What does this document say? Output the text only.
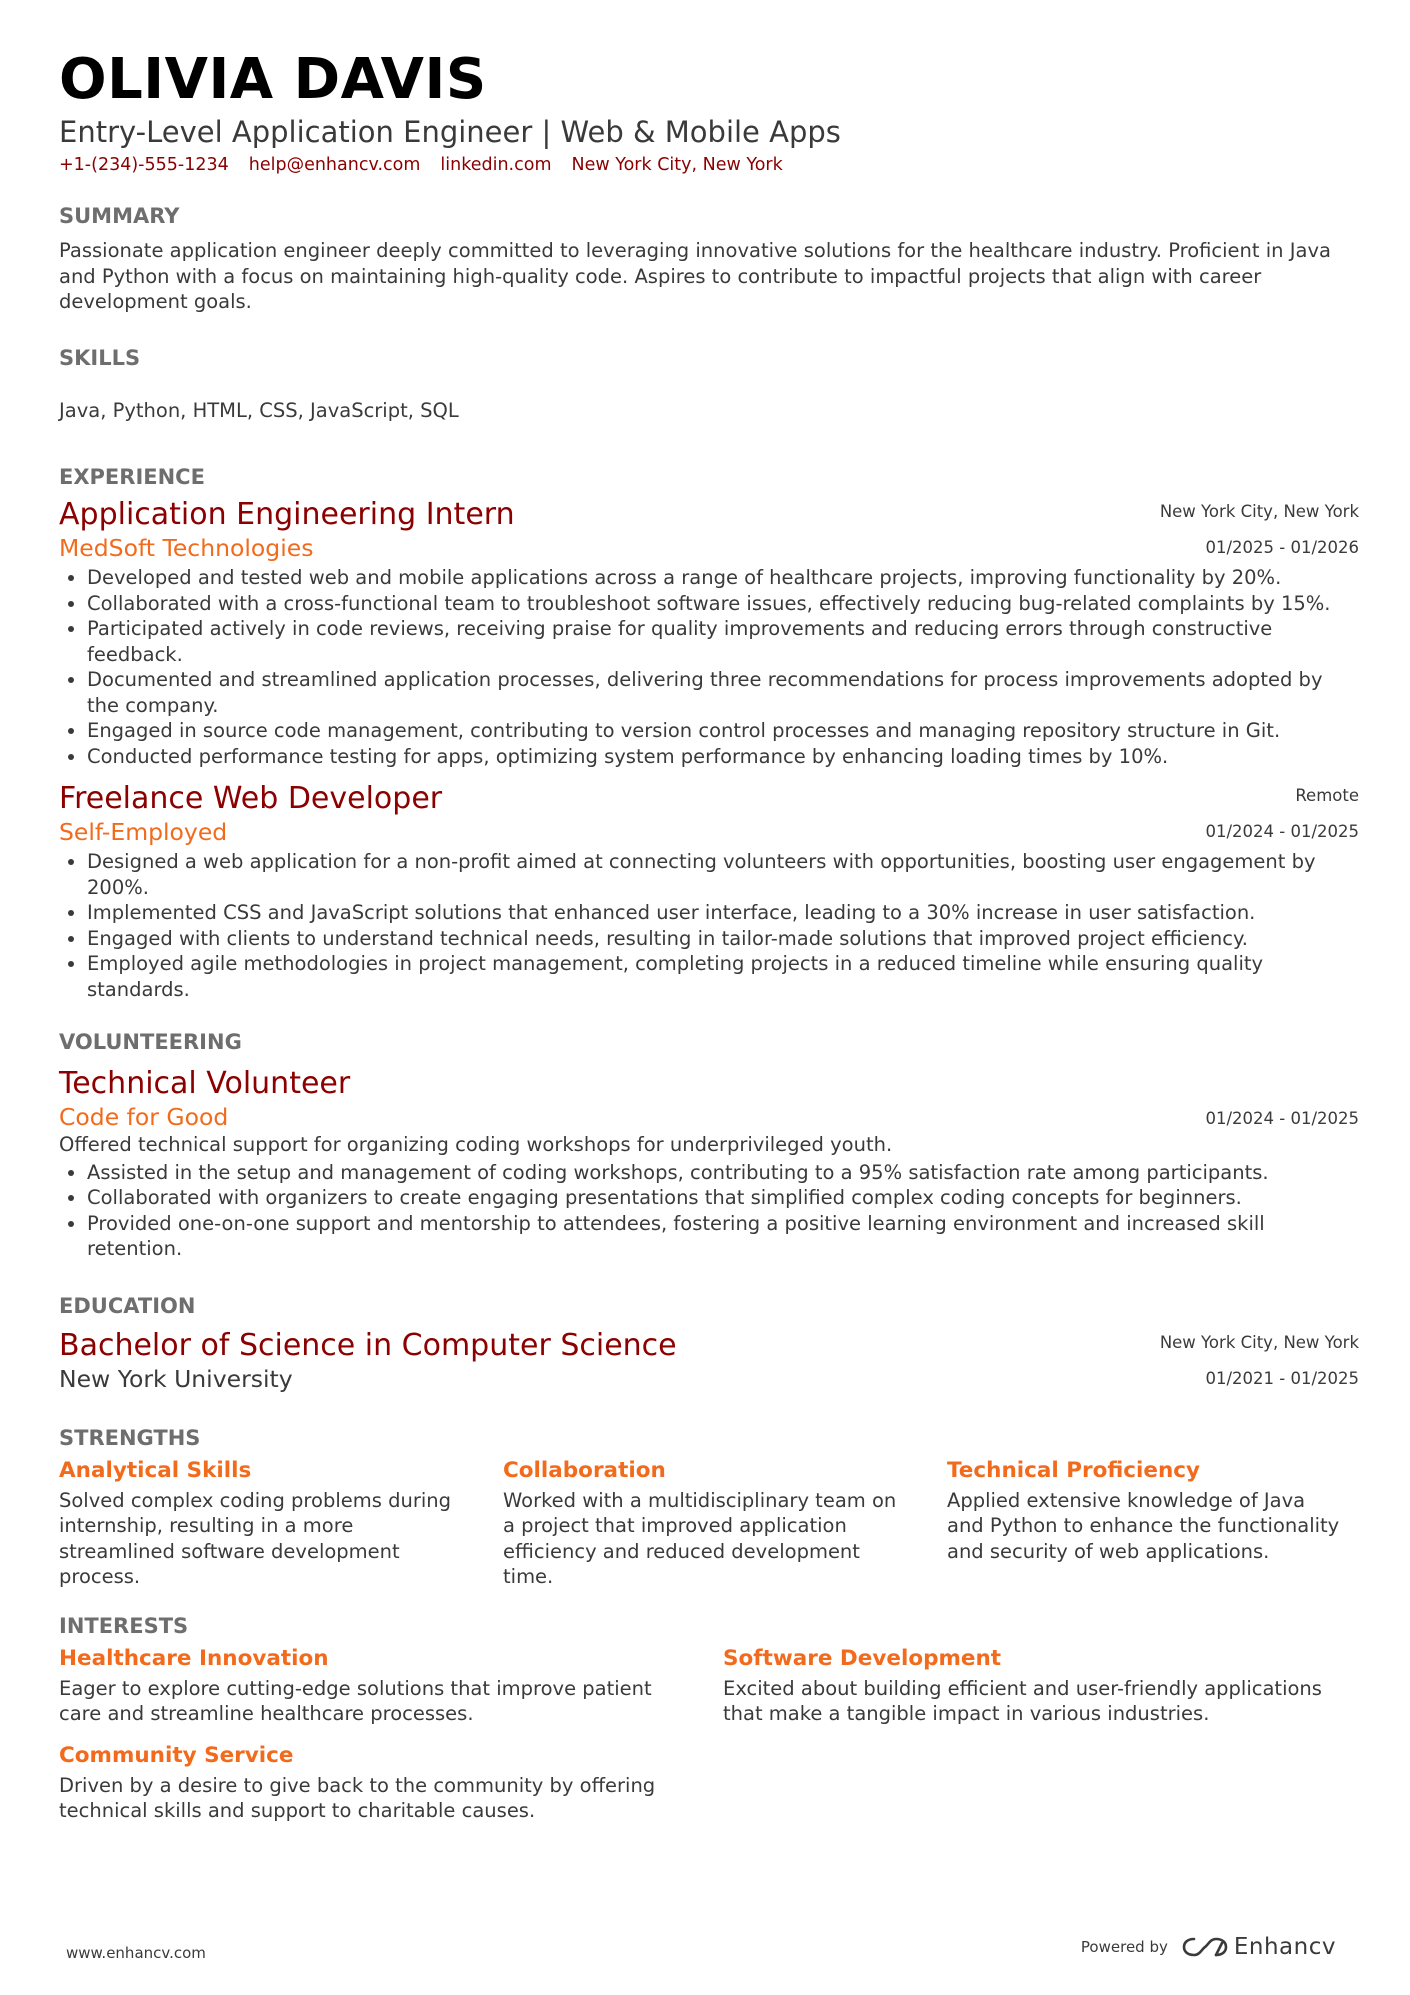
OLIVIA DAVIS
Entry-Level Application Engineer | Web & Mobile Apps
+1-(234)-555-1234 help@enhancv.com linkedin.com New York City, New York
SUMMARY
Passionate application engineer deeply committed to leveraging innovative solutions for the healthcare industry. Proficient in Java and Python with a focus on maintaining high-quality code. Aspires to contribute to impactful projects that align with career development goals.
SKILLS
Java, Python, HTML, CSS, JavaScript, SQL
EXPERIENCE
Application Engineering Intern
MedSoft Technologies
New York City, New York
01/2025 - 01/2026
• Developed and tested web and mobile applications across a range of healthcare projects, improving functionality by 20%.
• Collaborated with a cross-functional team to troubleshoot software issues, effectively reducing bug-related complaints by 15%.
• Participated actively in code reviews, receiving praise for quality improvements and reducing errors through constructive feedback.
• Documented and streamlined application processes, delivering three recommendations for process improvements adopted by the company.
• Engaged in source code management, contributing to version control processes and managing repository structure in Git.
• Conducted performance testing for apps, optimizing system performance by enhancing loading times by 10%.
Freelance Web Developer
Self-Employed
Remote
01/2024 - 01/2025
• Designed a web application for a non-profit aimed at connecting volunteers with opportunities, boosting user engagement by 200%.
• Implemented CSS and JavaScript solutions that enhanced user interface, leading to a 30% increase in user satisfaction.
• Engaged with clients to understand technical needs, resulting in tailor-made solutions that improved project efficiency.
• Employed agile methodologies in project management, completing projects in a reduced timeline while ensuring quality standards.
VOLUNTEERING
Technical Volunteer
Code for Good	01/2024 - 01/2025
Offered technical support for organizing coding workshops for underprivileged youth.
• Assisted in the setup and management of coding workshops, contributing to a 95% satisfaction rate among participants.
• Collaborated with organizers to create engaging presentations that simplified complex coding concepts for beginners.
• Provided one-on-one support and mentorship to attendees, fostering a positive learning environment and increased skill retention.
EDUCATION
Bachelor of Science in Computer Science
New York University
New York City, New York
01/2021 - 01/2025
STRENGTHS
Analytical Skills
Solved complex coding problems during internship, resulting in a more streamlined software development process.
Collaboration
Worked with a multidisciplinary team on a project that improved application efficiency and reduced development time.
Technical Proficiency
Applied extensive knowledge of Java and Python to enhance the functionality and security of web applications.
INTERESTS
Healthcare Innovation
Eager to explore cutting-edge solutions that improve patient care and streamline healthcare processes.
Software Development
Excited about building efficient and user-friendly applications that make a tangible impact in various industries.
Community Service
Driven by a desire to give back to the community by offering technical skills and support to charitable causes.
www.enhancv.com	Powered by	Enhancv
